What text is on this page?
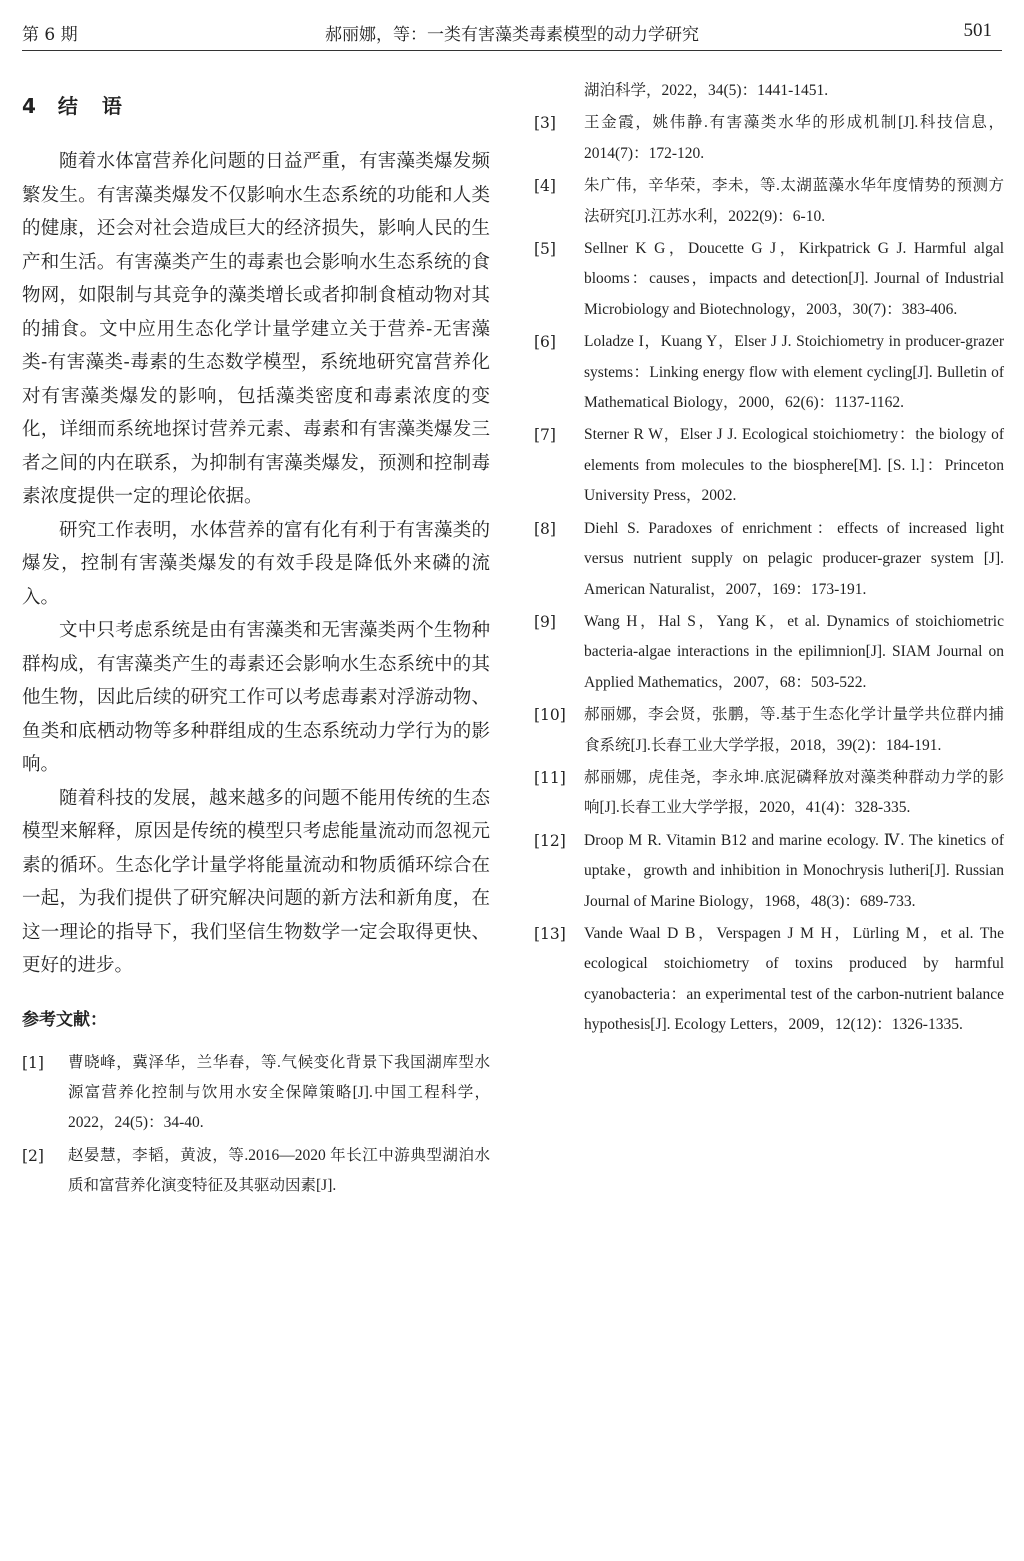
第 6 期	郝丽娜，等：一类有害藻类毒素模型的动力学研究	501
4 结　语

随着水体富营养化问题的日益严重，有害藻类爆发频繁发生。有害藻类爆发不仅影响水生态系统的功能和人类的健康，还会对社会造成巨大的经济损失，影响人民的生产和生活。有害藻类产生的毒素也会影响水生态系统的食物网，如限制与其竞争的藻类增长或者抑制食植动物对其的捕食。文中应用生态化学计量学建立关于营养-无害藻类-有害藻类-毒素的生态数学模型，系统地研究富营养化对有害藻类爆发的影响，包括藻类密度和毒素浓度的变化，详细而系统地探讨营养元素、毒素和有害藻类爆发三者之间的内在联系，为抑制有害藻类爆发，预测和控制毒素浓度提供一定的理论依据。

研究工作表明，水体营养的富有化有利于有害藻类的爆发，控制有害藻类爆发的有效手段是降低外来磷的流入。

文中只考虑系统是由有害藻类和无害藻类两个生物种群构成，有害藻类产生的毒素还会影响水生态系统中的其他生物，因此后续的研究工作可以考虑毒素对浮游动物、鱼类和底栖动物等多种群组成的生态系统动力学行为的影响。

随着科技的发展，越来越多的问题不能用传统的生态模型来解释，原因是传统的模型只考虑能量流动而忽视元素的循环。生态化学计量学将能量流动和物质循环综合在一起，为我们提供了研究解决问题的新方法和新角度，在这一理论的指导下，我们坚信生物数学一定会取得更快、更好的进步。

参考文献：
[1]	曹晓峰，冀泽华，兰华春，等.气候变化背景下我国湖库型水源富营养化控制与饮用水安全保障策略[J].中国工程科学，2022，24(5)：34-40.
[2]	赵晏慧，李韬，黄波，等.2016—2020 年长江中游典型湖泊水质和富营养化演变特征及其驱动因素[J].
湖泊科学，2022，34(5)：1441-1451.
[3]	王金霞，姚伟静.有害藻类水华的形成机制[J].科技信息，2014(7)：172-120.
[4]	朱广伟，辛华荣，李未，等.太湖蓝藻水华年度情势的预测方法研究[J].江苏水利，2022(9)：6-10.
[5]	Sellner K G，Doucette G J，Kirkpatrick G J. Harmful algal blooms：causes，impacts and detection[J]. Journal of Industrial Microbiology and Biotechnology，2003，30(7)：383-406.
[6]	Loladze I，Kuang Y，Elser J J. Stoichiometry in producer-grazer systems：Linking energy flow with element cycling[J]. Bulletin of Mathematical Biology，2000，62(6)：1137-1162.
[7]	Sterner R W，Elser J J. Ecological stoichiometry：the biology of elements from molecules to the biosphere[M]. [S. l.]：Princeton University Press，2002.
[8]	Diehl S. Paradoxes of enrichment：effects of increased light versus nutrient supply on pelagic producer-grazer system [J]. American Naturalist，2007，169：173-191.
[9]	Wang H，Hal S，Yang K，et al. Dynamics of stoichiometric bacteria-algae interactions in the epilimnion[J]. SIAM Journal on Applied Mathematics，2007，68：503-522.
[10]	郝丽娜，李会贤，张鹏，等.基于生态化学计量学共位群内捕食系统[J].长春工业大学学报，2018，39(2)：184-191.
[11]	郝丽娜，虎佳尧，李永坤.底泥磷释放对藻类种群动力学的影响[J].长春工业大学学报，2020，41(4)：328-335.
[12]	Droop M R. Vitamin B12 and marine ecology. Ⅳ. The kinetics of uptake，growth and inhibition in Monochrysis lutheri[J]. Russian Journal of Marine Biology，1968，48(3)：689-733.
[13]	Vande Waal D B，Verspagen J M H，Lürling M，et al. The ecological stoichiometry of toxins produced by harmful cyanobacteria：an experimental test of the carbon-nutrient balance hypothesis[J]. Ecology Letters，2009，12(12)：1326-1335.
